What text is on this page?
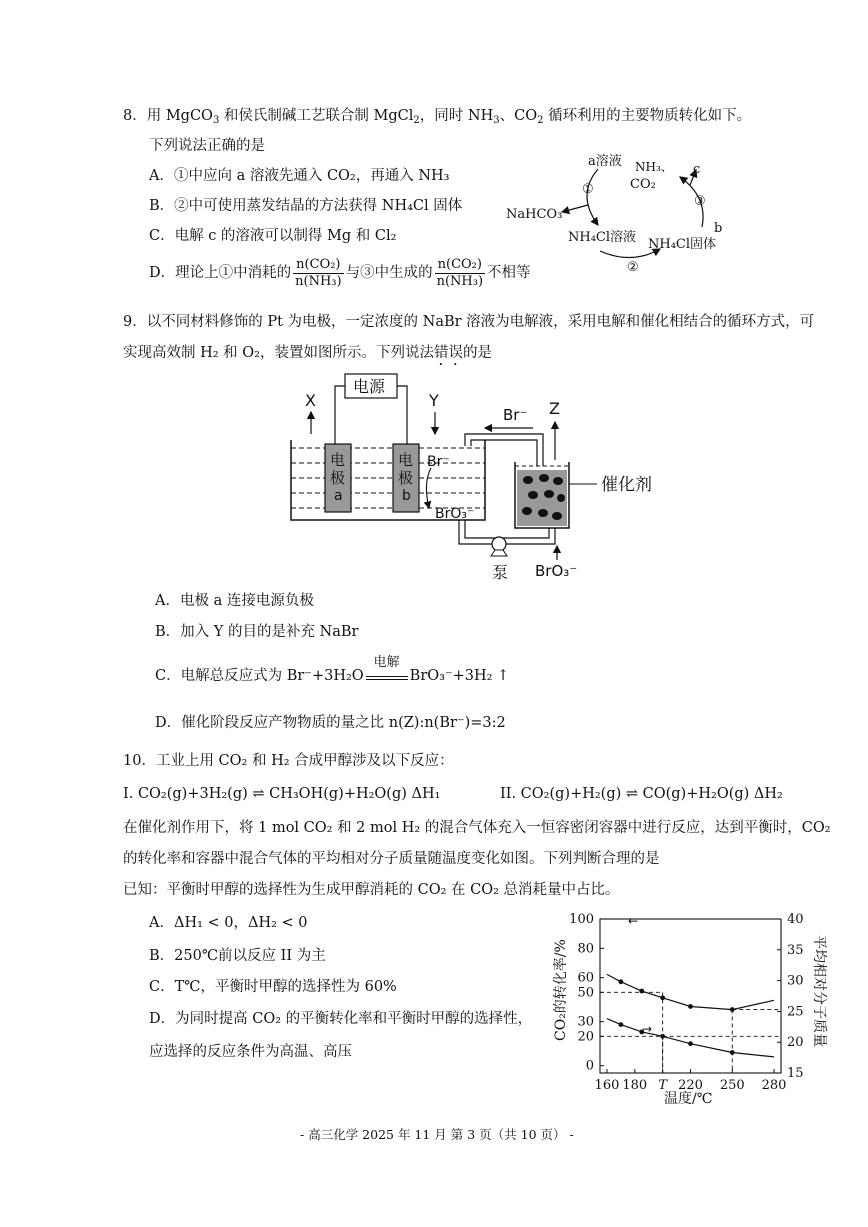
8．用 MgCO$_3$ 和侯氏制碱工艺联合制 MgCl$_2$，同时 $NH_3$、$CO_2$ 循环利用的主要物质转化如下。
下列说法正确的是
A．①中应向 a 溶液先通入 CO₂，再通入 NH₃
B．②中可使用蒸发结晶的方法获得 NH₄Cl 固体
C．电解 c 的溶液可以制得 Mg 和 Cl₂
D．理论上①中消耗的 $\frac{\text{n(CO₂)}}{\text{n(NH₃)}}$ 与③中生成的 $\frac{\text{n(CO₂)}}{\text{n(NH₃)}}$ 不相等
a溶液 NH₃、
CO₂
c
b
NaHCO₃
NH₄Cl溶液 NH₄Cl固体
①
②
③
9．以不同材料修饰的 Pt 为电极，一定浓度的 NaBr 溶液为电解液，采用电解和催化相结合的循环方式，可
实现高效制 H₂ 和 O₂，装置如图所示。下列说法错误的是
电源
电
极
a
电
极
b
X	Y
Br⁻
BrO₃⁻
Br⁻
催化剂
Z
泵 BrO₃⁻
A．电极 a 连接电源负极
B．加入 Y 的目的是补充 NaBr
C．电解总反应式为 Br⁻+3H₂O
电解
BrO₃⁻+3H₂ ↑
D．催化阶段反应产物物质的量之比 n(Z):n(Br⁻)=3:2
10．工业上用 CO₂ 和 H₂ 合成甲醇涉及以下反应：
I. CO₂(g)+3H₂(g) ⇌ CH₃OH(g)+H₂O(g) ΔH₁	II. CO₂(g)+H₂(g) ⇌ CO(g)+H₂O(g) ΔH₂
在催化剂作用下，将 1 mol CO₂ 和 2 mol H₂ 的混合气体充入一恒容密闭容器中进行反应，达到平衡时，CO₂
的转化率和容器中混合气体的平均相对分子质量随温度变化如图。下列判断合理的是
已知：平衡时甲醇的选择性为生成甲醇消耗的 CO₂ 在 CO₂ 总消耗量中占比。
A．ΔH₁ < 0，ΔH₂ < 0
B．250℃前以反应 II 为主
C．T℃，平衡时甲醇的选择性为 60%
D．为同时提高 CO₂ 的平衡转化率和平衡时甲醇的选择性，
应选择的反应条件为高温、高压
160 180 T 220 250 280
0
20
30
50
60
80
100
15
20
25
30
35
40
←
→
温度/℃
CO₂的转化率/%	平均相对分子质量
- 高三化学 2025 年 11 月 第 3 页（共 10 页） -
